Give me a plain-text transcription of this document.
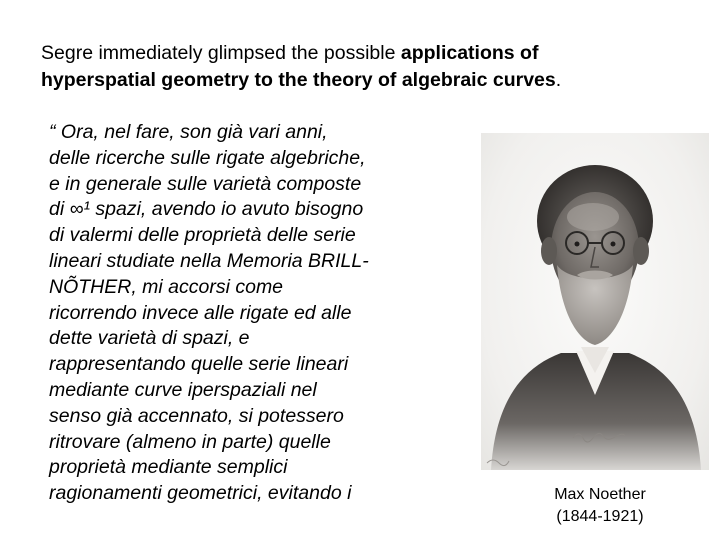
Segre immediately glimpsed the possible applications of
hyperspatial geometry to the theory of algebraic curves.

“ Ora, nel fare, son già vari anni,
delle ricerche sulle rigate algebriche,
e in generale sulle varietà composte
di ∞¹ spazi, avendo io avuto bisogno
di valermi delle proprietà delle serie
lineari studiate nella Memoria BRILL-
NÕTHER, mi accorsi come
ricorrendo invece alle rigate ed alle
dette varietà di spazi, e
rappresentando quelle serie lineari
mediante curve iperspaziali nel
senso già accennato, si potessero
ritrovare (almeno in parte) quelle
proprietà mediante semplici
ragionamenti geometrici, evitando i	Max Noether
(1844-1921)
